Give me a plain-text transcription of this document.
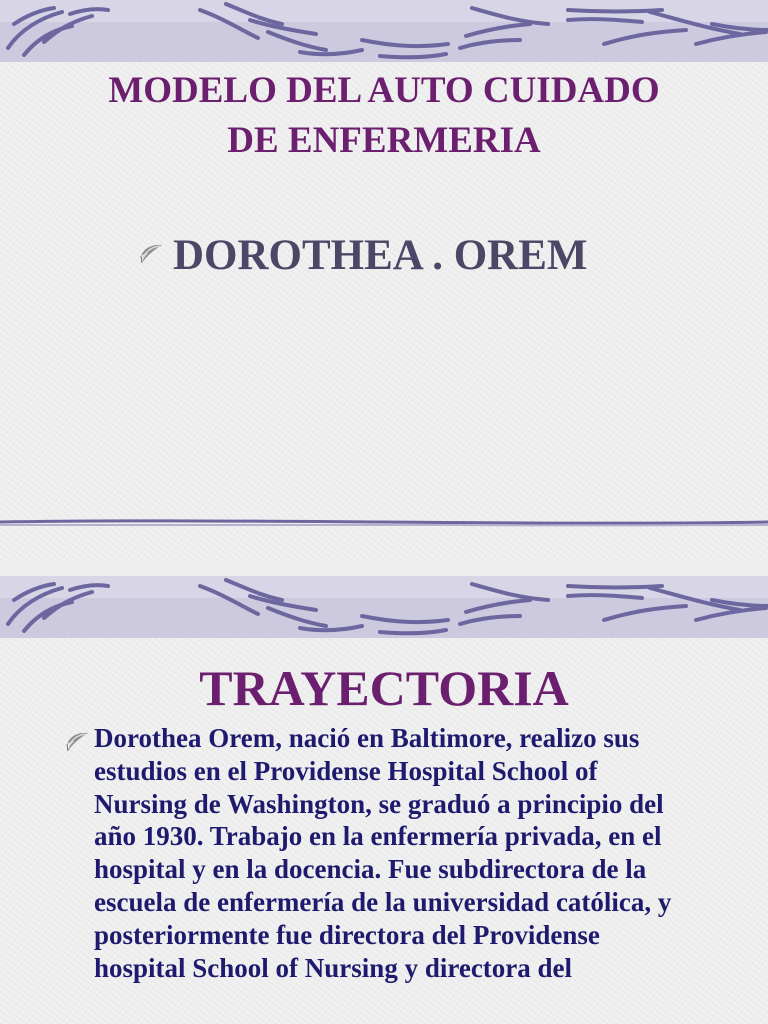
MODELO DEL AUTO CUIDADO
DE ENFERMERIA

DOROTHEA . OREM

TRAYECTORIA

Dorothea Orem, nació en Baltimore, realizo sus estudios en el Providense Hospital School of Nursing de Washington, se graduó a principio del año 1930. Trabajo en la enfermería privada, en el hospital y en la docencia. Fue subdirectora de la escuela de enfermería de la universidad católica, y posteriormente fue directora del Providense hospital School of Nursing y directora del
